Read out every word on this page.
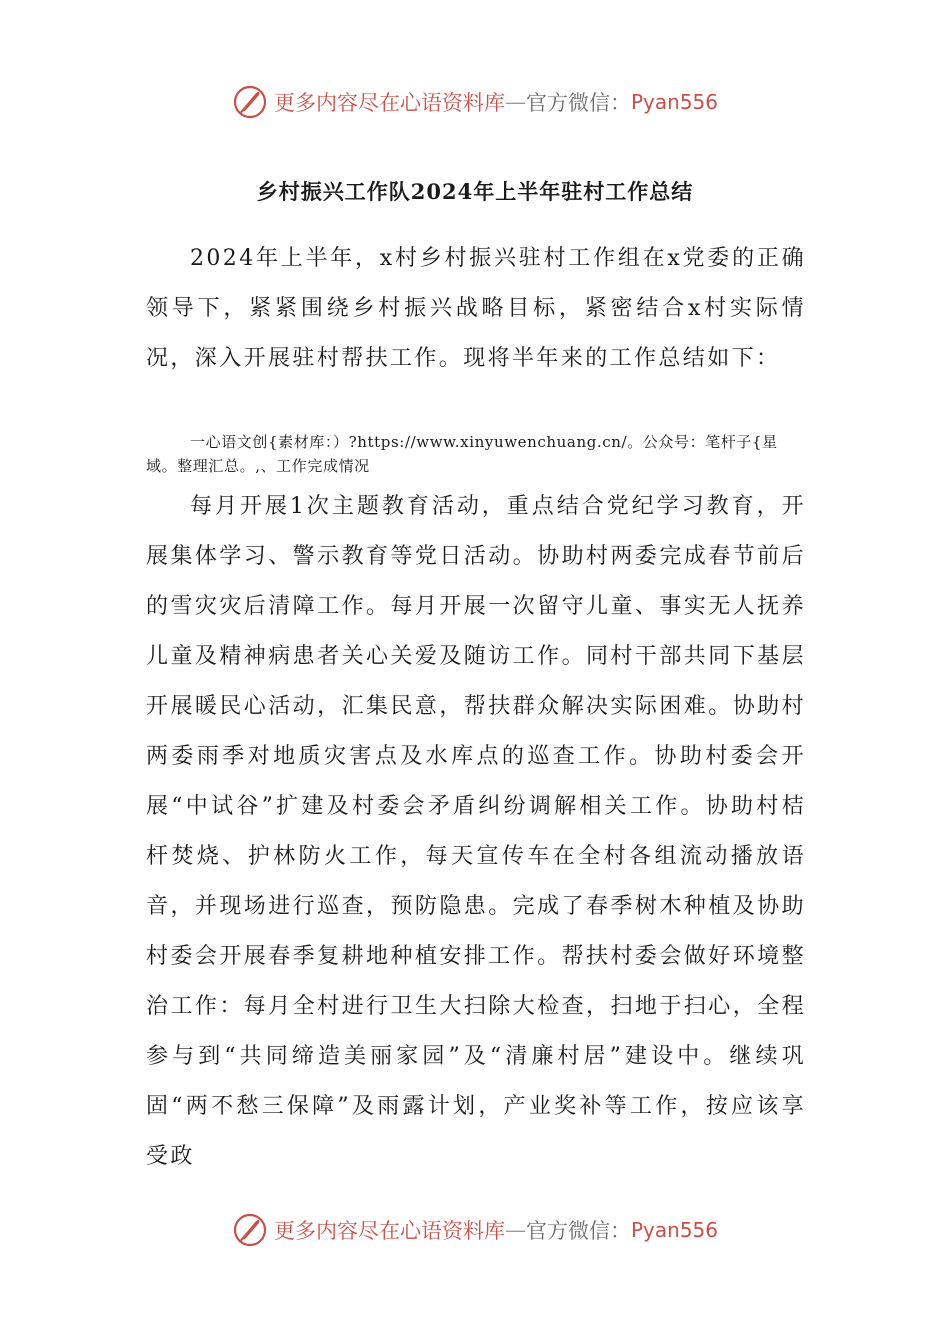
更多内容尽在心语资料库 — 官方微信： Pyan556
乡村振兴工作队2024年上半年驻村工作总结

2024年上半年，x村乡村振兴驻村工作组在x党委的正确领导下，紧紧围绕乡村振兴战略目标，紧密结合x村实际情况，深入开展驻村帮扶工作。现将半年来的工作总结如下：

一心语文创{素材库：）?https://www.xinyuwenchuang.cn/。公众号：笔杆子{星域。整理汇总。,、工作完成情况

每月开展1次主题教育活动，重点结合党纪学习教育，开展集体学习、警示教育等党日活动。协助村两委完成春节前后的雪灾灾后清障工作。每月开展一次留守儿童、事实无人抚养儿童及精神病患者关心关爱及随访工作。同村干部共同下基层开展暖民心活动，汇集民意，帮扶群众解决实际困难。协助村两委雨季对地质灾害点及水库点的巡查工作。协助村委会开展“中试谷”扩建及村委会矛盾纠纷调解相关工作。协助村桔杆焚烧、护林防火工作，每天宣传车在全村各组流动播放语音，并现场进行巡查，预防隐患。完成了春季树木种植及协助村委会开展春季复耕地种植安排工作。帮扶村委会做好环境整治工作：每月全村进行卫生大扫除大检查，扫地于扫心，全程参与到“共同缔造美丽家园”及“清廉村居”建设中。继续巩固“两不愁三保障”及雨露计划，产业奖补等工作，按应该享受政

更多内容尽在心语资料库 — 官方微信： Pyan556
